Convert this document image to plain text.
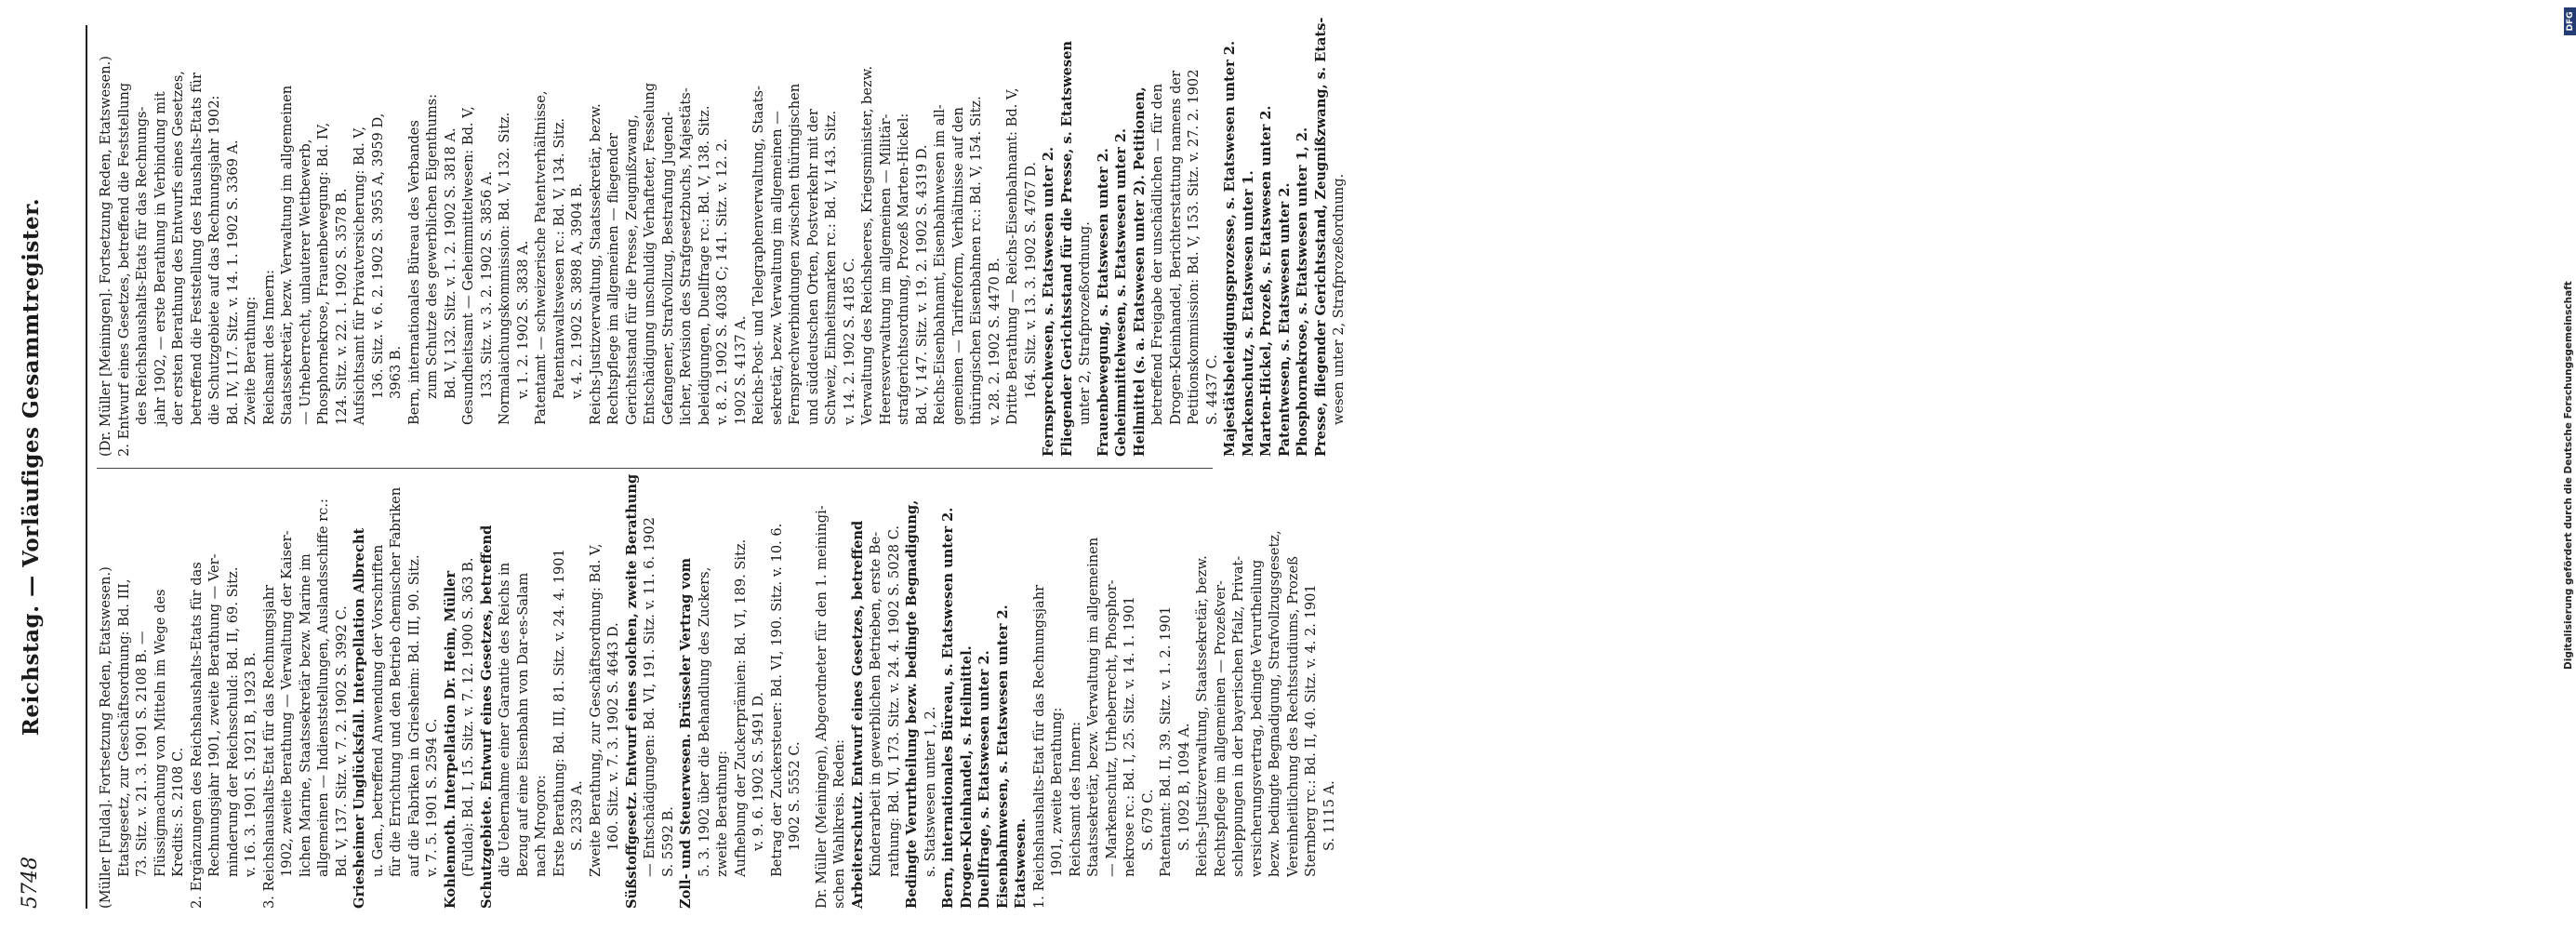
Reichstag. — Vorläufiges Gesammtregister.
5748	(Müller [Fulda]. Fortsetzung Reden, Etatswesen.) Etatsgesetz, zur Geschäftsordnung: Bd. III, 73. Sitz. v. 21. 3. 1901 S. 2108 B. — Flüssigmachung von Mitteln im Wege des Kredits: S. 2108 C. 2. Ergänzungen des Reichshaushalts-Etats für das Rechnungsjahr 1901, zweite Berathung — Ver- minderung der Reichsschuld: Bd. II, 69. Sitz. v. 16. 3. 1901 S. 1921 B, 1923 B. 3. Reichshaushalts-Etat für das Rechnungsjahr 1902, zweite Berathung — Verwaltung der Kaiser- lichen Marine, Staatssekretär bezw. Marine im allgemeinen — Indienststellungen, Auslandsschiffe rc.: Bd. V, 137. Sitz. v. 7. 2. 1902 S. 3992 C. Griesheimer Unglücksfall. Interpellation Albrecht u. Gen., betreffend Anwendung der Vorschriften für die Errichtung und den Betrieb chemischer Fabriken auf die Fabriken in Griesheim: Bd. III, 90. Sitz. v. 7. 5. 1901 S. 2594 C. Kohlennoth. Interpellation Dr. Heim, Müller (Fulda): Bd. I, 15. Sitz. v. 7. 12. 1900 S. 363 B. Schutzgebiete. Entwurf eines Gesetzes, betreffend die Uebernahme einer Garantie des Reichs in Bezug auf eine Eisenbahn von Dar-es-Salam nach Mrogoro: Erste Berathung: Bd. III, 81. Sitz. v. 24. 4. 1901 S. 2339 A. Zweite Berathung, zur Geschäftsordnung: Bd. V, 160. Sitz. v. 7. 3. 1902 S. 4643 D. Süßstoffgesetz. Entwurf eines solchen, zweite Berathung — Entschädigungen: Bd. VI, 191. Sitz. v. 11. 6. 1902 S. 5592 B. Zoll- und Steuerwesen. Brüsseler Vertrag vom 5. 3. 1902 über die Behandlung des Zuckers, zweite Berathung: Aufhebung der Zuckerprämien: Bd. VI, 189. Sitz. v. 9. 6. 1902 S. 5491 D. Betrag der Zuckersteuer: Bd. VI, 190. Sitz. v. 10. 6. 1902 S. 5552 C. Dr. Müller (Meiningen), Abgeordneter für den 1. meiningi- schen Wahlkreis. Reden: Arbeiterschutz. Entwurf eines Gesetzes, betreffend Kinderarbeit in gewerblichen Betrieben, erste Be- rathung: Bd. VI, 173. Sitz. v. 24. 4. 1902 S. 5028 C. Bedingte Verurtheilung bezw. bedingte Begnadigung, s. Statswesen unter 1, 2. Bern, internationales Büreau, s. Etatswesen unter 2. Drogen-Kleinhandel, s. Heilmittel. Duellfrage, s. Etatswesen unter 2. Eisenbahnwesen, s. Etatswesen unter 2. Etatswesen. 1. Reichshaushalts-Etat für das Rechnungsjahr 1901, zweite Berathung: Reichsamt des Innern: Staatssekretär, bezw. Verwaltung im allgemeinen — Markenschutz, Urheberrecht, Phosphor- nekrose rc.: Bd. I, 25. Sitz. v. 14. 1. 1901 S. 679 C. Patentamt: Bd. II, 39. Sitz. v. 1. 2. 1901 S. 1092 B, 1094 A. Reichs-Justizverwaltung, Staatssekretär, bezw. Rechtspflege im allgemeinen — Prozeßver- schleppungen in der bayerischen Pfalz, Privat- versicherungsvertrag, bedingte Verurtheilung bezw. bedingte Begnadigung, Strafvollzugsgesetz, Vereinheitlichung des Rechtsstudiums, Prozeß Sternberg rc.: Bd. II, 40. Sitz. v. 4. 2. 1901 S. 1115 A.
(Dr. Müller [Meiningen]. Fortsetzung Reden, Etatswesen.) 2. Entwurf eines Gesetzes, betreffend die Feststellung des Reichshaushalts-Etats für das Rechnungs- jahr 1902, — erste Berathung in Verbindung mit der ersten Berathung des Entwurfs eines Gesetzes, betreffend die Feststellung des Haushalts-Etats für die Schutzgebiete auf das Rechnungsjahr 1902: Bd. IV, 117. Sitz. v. 14. 1. 1902 S. 3369 A. Zweite Berathung: Reichsamt des Innern: Staatssekretär, bezw. Verwaltung im allgemeinen — Urheberrecht, unlauterer Wettbewerb, Phosphornekrose, Frauenbewegung: Bd. IV, 124. Sitz. v. 22. 1. 1902 S. 3578 B. Aufsichtsamt für Privatversicherung: Bd. V, 136. Sitz. v. 6. 2. 1902 S. 3955 A, 3959 D, 3963 B. Bern, internationales Büreau des Verbandes zum Schutze des gewerblichen Eigenthums: Bd. V, 132. Sitz. v. 1. 2. 1902 S. 3818 A. Gesundheitsamt — Geheimmittelwesen: Bd. V, 133. Sitz. v. 3. 2. 1902 S. 3856 A. Normalaichungskommission: Bd. V, 132. Sitz. v. 1. 2. 1902 S. 3838 A. Patentamt — schweizerische Patentverhältnisse, Patentanwaltswesen rc.: Bd. V, 134. Sitz. v. 4. 2. 1902 S. 3898 A, 3904 B. Reichs-Justizverwaltung, Staatssekretär, bezw. Rechtspflege im allgemeinen — fliegender Gerichtsstand für die Presse, Zeugnißzwang, Entschädigung unschuldig Verhafteter, Fesselung Gefangener, Strafvollzug, Bestrafung Jugend- licher, Revision des Strafgesetzbuchs, Majestäts- beleidigungen, Duellfrage rc.: Bd. V, 138. Sitz. v. 8. 2. 1902 S. 4038 C; 141. Sitz. v. 12. 2. 1902 S. 4137 A. Reichs-Post- und Telegraphenverwaltung, Staats- sekretär, bezw. Verwaltung im allgemeinen — Fernsprechverbindungen zwischen thüringischen und süddeutschen Orten, Postverkehr mit der Schweiz, Einheitsmarken rc.: Bd. V, 143. Sitz. v. 14. 2. 1902 S. 4185 C. Verwaltung des Reichsheeres, Kriegsminister, bezw. Heeresverwaltung im allgemeinen — Militär- strafgerichtsordnung, Prozeß Marten-Hickel: Bd. V, 147. Sitz. v. 19. 2. 1902 S. 4319 D. Reichs-Eisenbahnamt, Eisenbahnwesen im all- gemeinen — Tarifreform, Verhältnisse auf den thüringischen Eisenbahnen rc.: Bd. V, 154. Sitz. v. 28. 2. 1902 S. 4470 B. Dritte Berathung — Reichs-Eisenbahnamt: Bd. V, 164. Sitz. v. 13. 3. 1902 S. 4767 D. Fernsprechwesen, s. Etatswesen unter 2. Fliegender Gerichtsstand für die Presse, s. Etatswesen unter 2, Strafprozeßordnung. Frauenbewegung, s. Etatswesen unter 2. Geheimmittelwesen, s. Etatswesen unter 2. Heilmittel (s. a. Etatswesen unter 2). Petitionen, betreffend Freigabe der unschädlichen — für den Drogen-Kleinhandel, Berichterstattung namens der Petitionskommission: Bd. V, 153. Sitz. v. 27. 2. 1902 S. 4437 C. Majestätsbeleidigungsprozesse, s. Etatswesen unter 2. Markenschutz, s. Etatswesen unter 1. Marten-Hickel, Prozeß, s. Etatswesen unter 2. Patentwesen, s. Etatswesen unter 2. Phosphornekrose, s. Etatswesen unter 1, 2. Presse, fliegender Gerichtsstand, Zeugnißzwang, s. Etats- wesen unter 2, Strafprozeßordnung.
DFG
Digitalisierung gefördert durch die Deutsche Forschungsgemeinschaft
